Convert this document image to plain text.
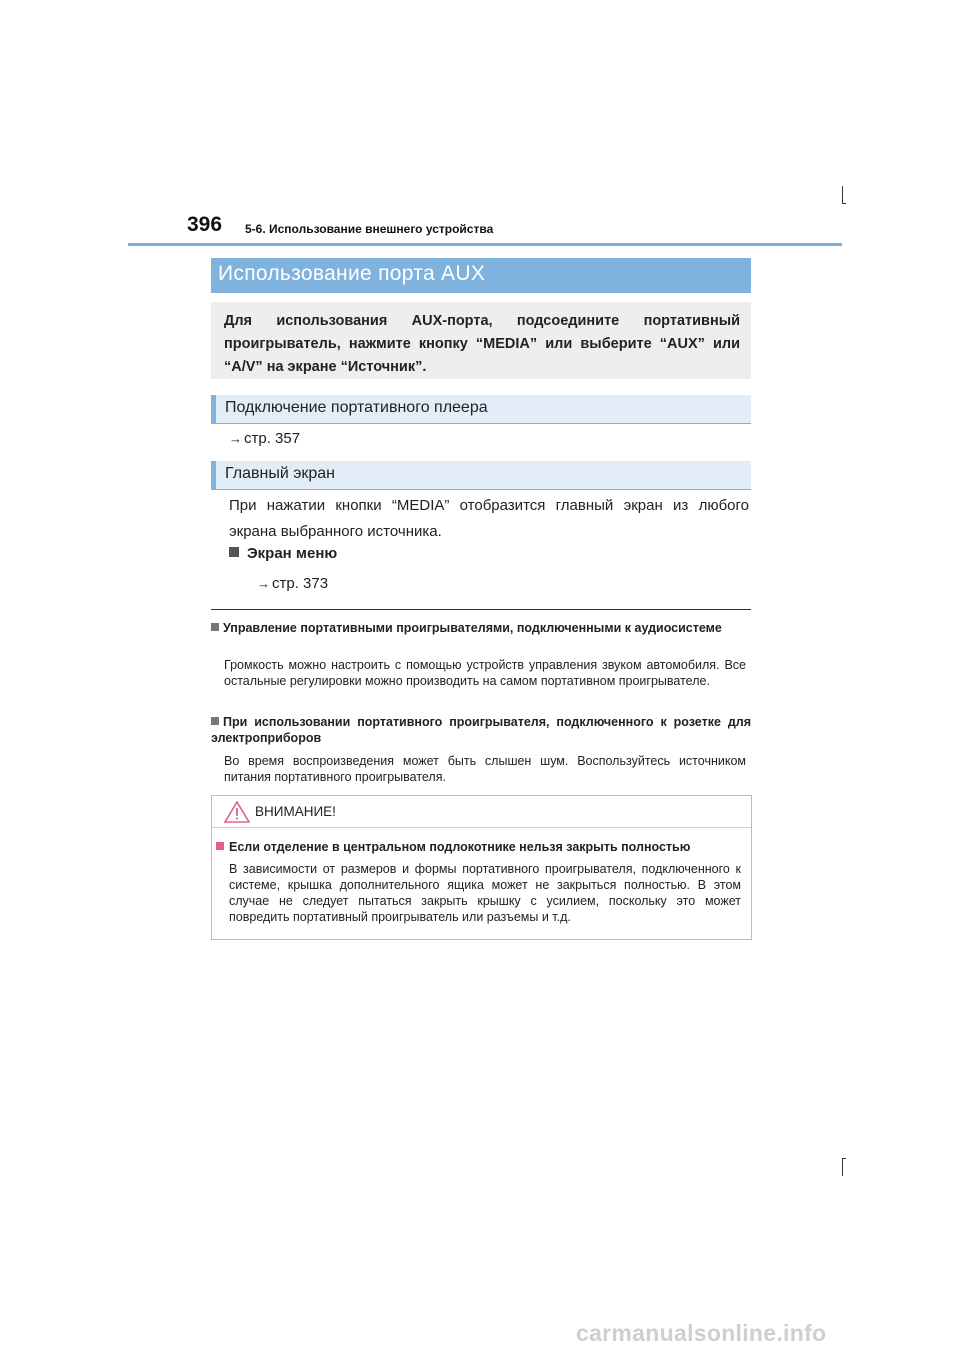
396 5-6. Использование внешнего устройства
Использование порта AUX

Для использования AUX-порта, подсоедините портативный проигрыватель, нажмите кнопку “MEDIA” или выберите “AUX” или “A/V” на экране “Источник”.

Подключение портативного плеера
→ стр. 357
Главный экран

При нажатии кнопки “MEDIA” отобразится главный экран из любого экрана выбранного источника.

Экран меню
→ стр. 373
Управление портативными проигрывателями, подключенными к аудиосистеме
Громкость можно настроить с помощью устройств управления звуком автомобиля. Все остальные регулировки можно производить на самом портативном проигрывателе.
При использовании портативного проигрывателя, подключенного к розетке для электроприборов
Во время воспроизведения может быть слышен шум. Воспользуйтесь источником питания портативного проигрывателя.
ВНИМАНИЕ!
Если отделение в центральном подлокотнике нельзя закрыть полностью
В зависимости от размеров и формы портативного проигрывателя, подключенного к системе, крышка дополнительного ящика может не закрыться полностью. В этом случае не следует пытаться закрыть крышку с усилием, поскольку это может повредить портативный проигрыватель или разъемы и т.д.
carmanualsonline.info
